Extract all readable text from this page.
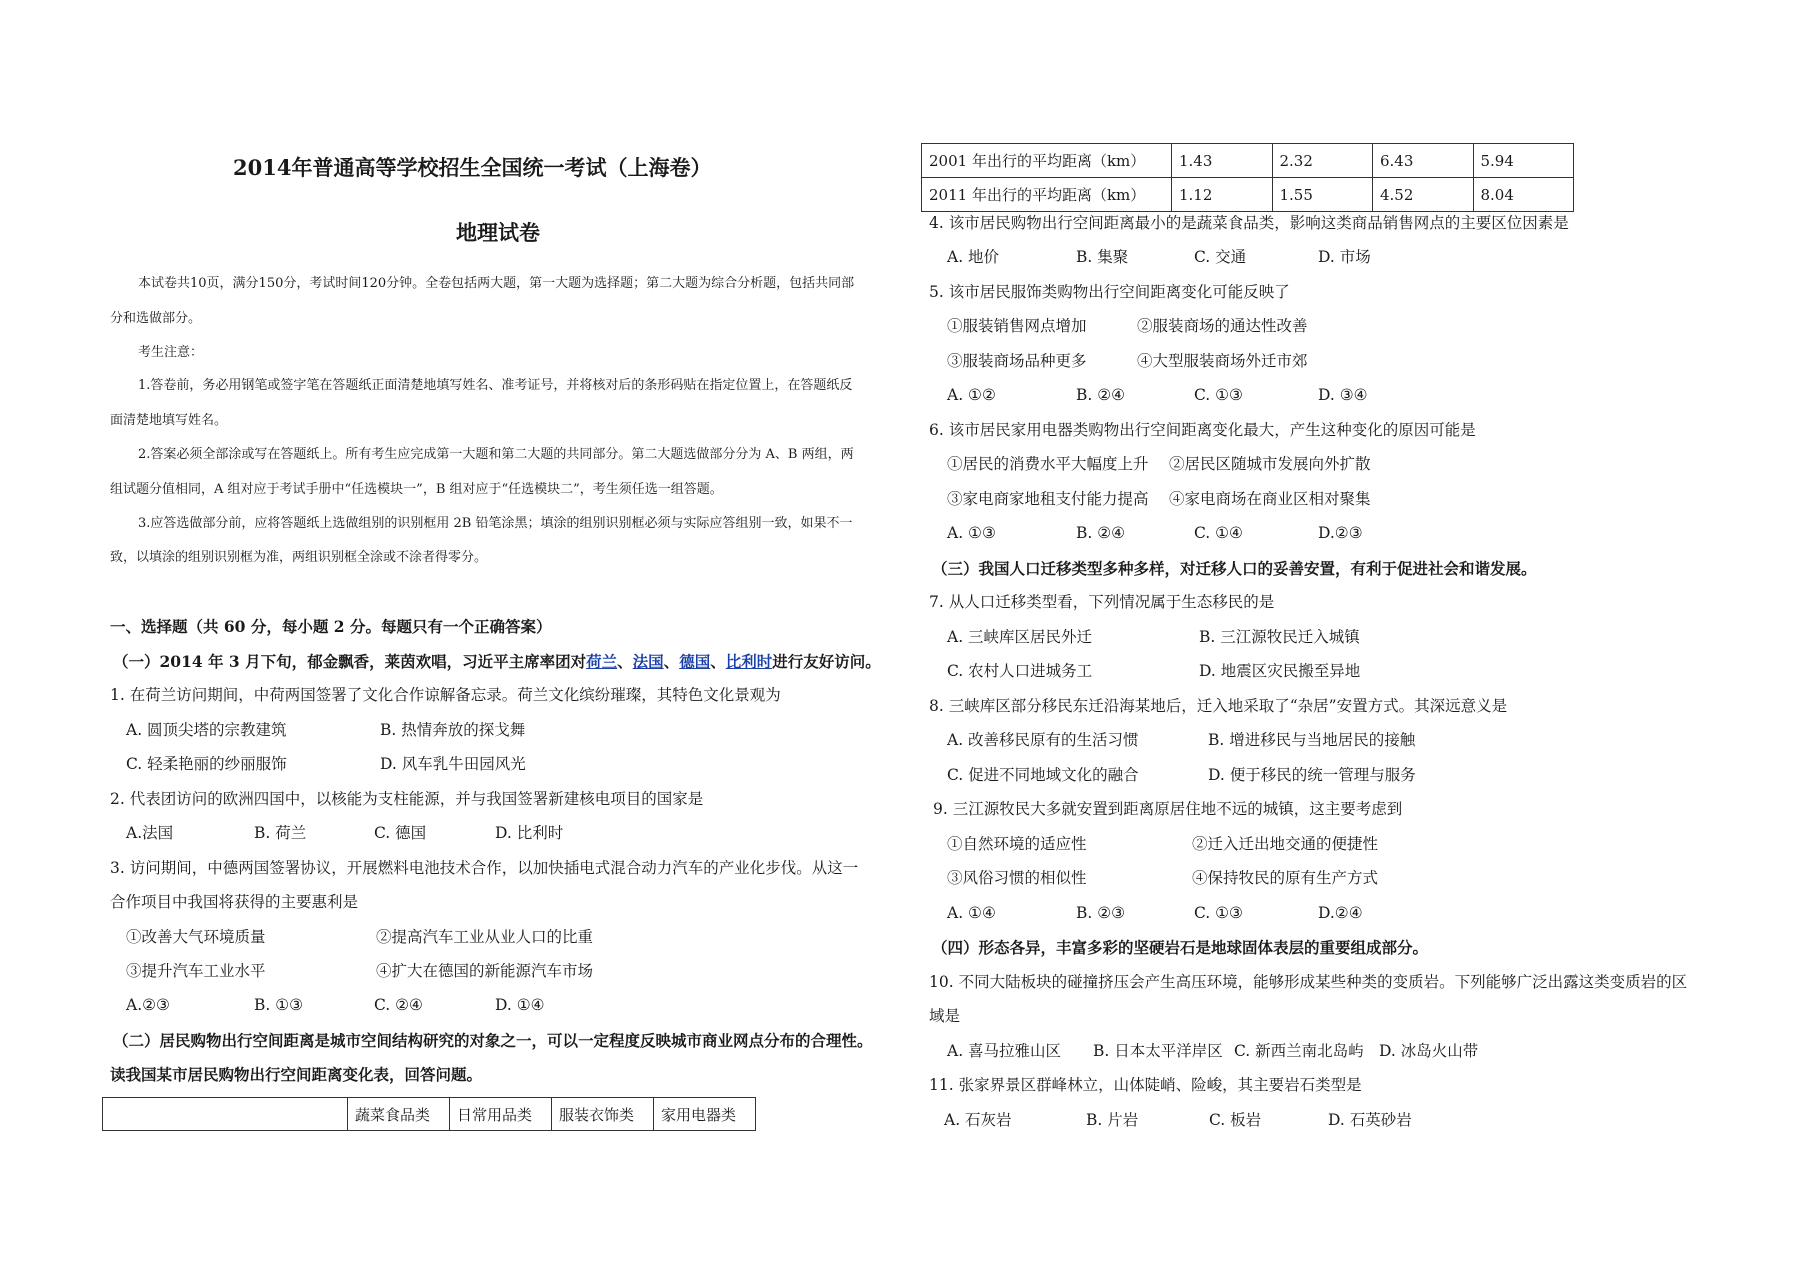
2014年普通高等学校招生全国统一考试（上海卷）
地理试卷
本试卷共10页，满分150分，考试时间120分钟。全卷包括两大题，第一大题为选择题；第二大题为综合分析题，包括共同部
分和选做部分。
考生注意：
1.答卷前，务必用钢笔或签字笔在答题纸正面清楚地填写姓名、准考证号，并将核对后的条形码贴在指定位置上，在答题纸反
面清楚地填写姓名。
2.答案必须全部涂或写在答题纸上。所有考生应完成第一大题和第二大题的共同部分。第二大题选做部分分为 A、B 两组，两
组试题分值相同，A 组对应于考试手册中“任选模块一”，B 组对应于“任选模块二”，考生须任选一组答题。
3.应答选做部分前，应将答题纸上选做组别的识别框用 2B 铅笔涂黑；填涂的组别识别框必须与实际应答组别一致，如果不一
致，以填涂的组别识别框为准，两组识别框全涂或不涂者得零分。
一、选择题（共 60 分，每小题 2 分。每题只有一个正确答案）
（一）2014 年 3 月下旬，郁金飘香，莱茵欢唱，习近平主席率团对荷兰、法国、德国、比利时进行友好访问。
1. 在荷兰访问期间，中荷两国签署了文化合作谅解备忘录。荷兰文化缤纷璀璨，其特色文化景观为
A. 圆顶尖塔的宗教建筑	B. 热情奔放的探戈舞
C. 轻柔艳丽的纱丽服饰	D. 风车乳牛田园风光
2. 代表团访问的欧洲四国中，以核能为支柱能源，并与我国签署新建核电项目的国家是
A.法国	B. 荷兰	C. 德国	D. 比利时
3. 访问期间，中德两国签署协议，开展燃料电池技术合作，以加快插电式混合动力汽车的产业化步伐。从这一
合作项目中我国将获得的主要惠利是
①改善大气环境质量	②提高汽车工业从业人口的比重
③提升汽车工业水平	④扩大在德国的新能源汽车市场
A.②③	B. ①③	C. ②④	D. ①④
（二）居民购物出行空间距离是城市空间结构研究的对象之一，可以一定程度反映城市商业网点分布的合理性。
读我国某市居民购物出行空间距离变化表，回答问题。
	蔬菜食品类	日常用品类	服装衣饰类	家用电器类
2001 年出行的平均距离（km）	1.43	2.32	6.43	5.94
2011 年出行的平均距离（km）	1.12	1.55	4.52	8.04
4. 该市居民购物出行空间距离最小的是蔬菜食品类，影响这类商品销售网点的主要区位因素是
A. 地价	B. 集聚	C. 交通	D. 市场
5. 该市居民服饰类购物出行空间距离变化可能反映了
①服装销售网点增加	②服装商场的通达性改善
③服装商场品种更多	④大型服装商场外迁市郊
A. ①②	B. ②④	C. ①③	D. ③④
6. 该市居民家用电器类购物出行空间距离变化最大，产生这种变化的原因可能是
①居民的消费水平大幅度上升 ②居民区随城市发展向外扩散
③家电商家地租支付能力提高 ④家电商场在商业区相对聚集
A. ①③	B. ②④	C. ①④	D.②③
（三）我国人口迁移类型多种多样，对迁移人口的妥善安置，有利于促进社会和谐发展。
7. 从人口迁移类型看，下列情况属于生态移民的是
A. 三峡库区居民外迁	B. 三江源牧民迁入城镇
C. 农村人口进城务工	D. 地震区灾民搬至异地
8. 三峡库区部分移民东迁沿海某地后，迁入地采取了“杂居”安置方式。其深远意义是
A. 改善移民原有的生活习惯	B. 增进移民与当地居民的接触
C. 促进不同地域文化的融合	D. 便于移民的统一管理与服务
9. 三江源牧民大多就安置到距离原居住地不远的城镇，这主要考虑到
①自然环境的适应性	②迁入迁出地交通的便捷性
③风俗习惯的相似性	④保持牧民的原有生产方式
A. ①④	B. ②③	C. ①③	D.②④
（四）形态各异，丰富多彩的坚硬岩石是地球固体表层的重要组成部分。
10. 不同大陆板块的碰撞挤压会产生高压环境，能够形成某些种类的变质岩。下列能够广泛出露这类变质岩的区
域是
A. 喜马拉雅山区 B. 日本太平洋岸区 C. 新西兰南北岛屿 D. 冰岛火山带
11. 张家界景区群峰林立，山体陡峭、险峻，其主要岩石类型是
A. 石灰岩	B. 片岩	C. 板岩	D. 石英砂岩
